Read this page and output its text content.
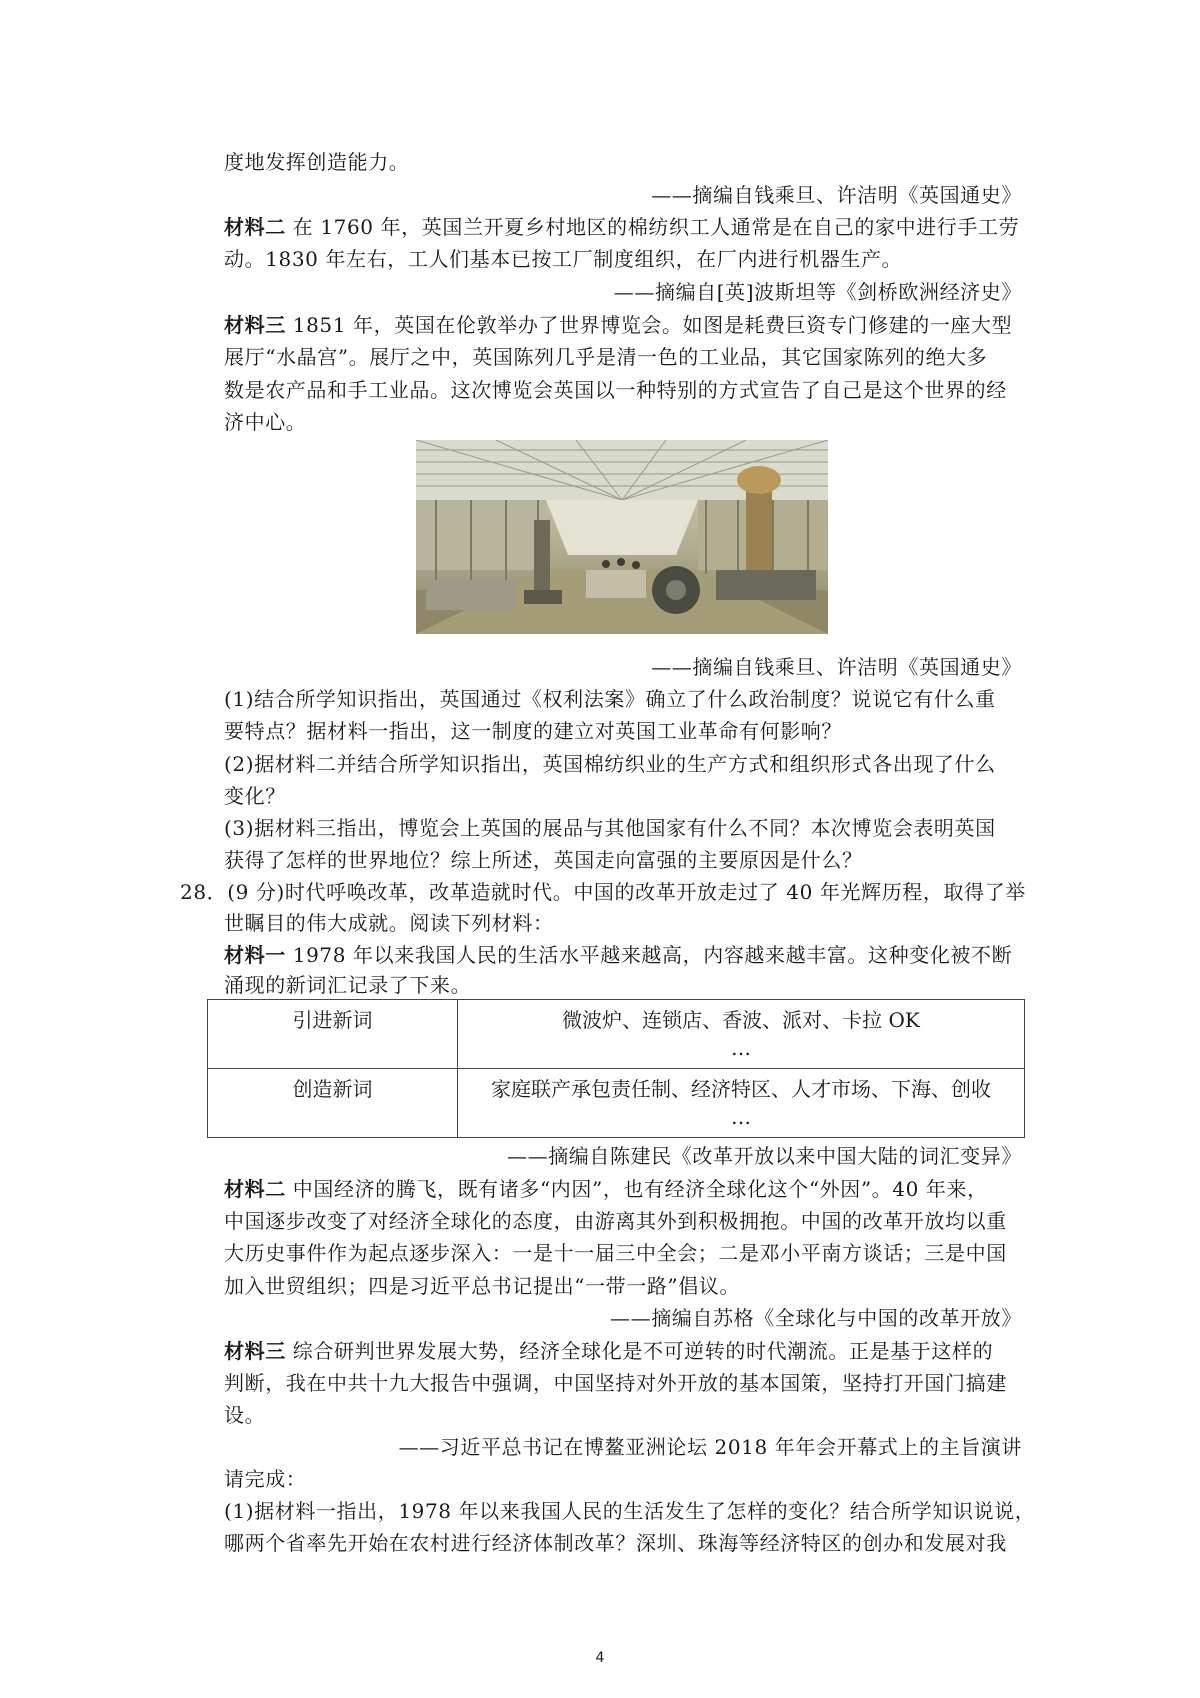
度地发挥创造能力。
——摘编自钱乘旦、许洁明《英国通史》
材料二 在 1760 年，英国兰开夏乡村地区的棉纺织工人通常是在自己的家中进行手工劳
动。1830 年左右，工人们基本已按工厂制度组织，在厂内进行机器生产。
——摘编自[英]波斯坦等《剑桥欧洲经济史》
材料三 1851 年，英国在伦敦举办了世界博览会。如图是耗费巨资专门修建的一座大型
展厅“水晶宫”。展厅之中，英国陈列几乎是清一色的工业品，其它国家陈列的绝大多
数是农产品和手工业品。这次博览会英国以一种特别的方式宣告了自己是这个世界的经
济中心。
——摘编自钱乘旦、许洁明《英国通史》
(1)结合所学知识指出，英国通过《权利法案》确立了什么政治制度？说说它有什么重
要特点？据材料一指出，这一制度的建立对英国工业革命有何影响？
(2)据材料二并结合所学知识指出，英国棉纺织业的生产方式和组织形式各出现了什么
变化？
(3)据材料三指出，博览会上英国的展品与其他国家有什么不同？本次博览会表明英国
获得了怎样的世界地位？综上所述，英国走向富强的主要原因是什么？
28．(9 分)时代呼唤改革，改革造就时代。中国的改革开放走过了 40 年光辉历程，取得了举
世瞩目的伟大成就。阅读下列材料：
材料一 1978 年以来我国人民的生活水平越来越高，内容越来越丰富。这种变化被不断
涌现的新词汇记录了下来。
引进新词	微波炉、连锁店、香波、派对、卡拉 OK
…

创造新词	家庭联产承包责任制、经济特区、人才市场、下海、创收
…
——摘编自陈建民《改革开放以来中国大陆的词汇变异》
材料二 中国经济的腾飞，既有诸多“内因”，也有经济全球化这个“外因”。40 年来，
中国逐步改变了对经济全球化的态度，由游离其外到积极拥抱。中国的改革开放均以重
大历史事件作为起点逐步深入：一是十一届三中全会；二是邓小平南方谈话；三是中国
加入世贸组织；四是习近平总书记提出“一带一路”倡议。
——摘编自苏格《全球化与中国的改革开放》
材料三 综合研判世界发展大势，经济全球化是不可逆转的时代潮流。正是基于这样的
判断，我在中共十九大报告中强调，中国坚持对外开放的基本国策，坚持打开国门搞建
设。
——习近平总书记在博鳌亚洲论坛 2018 年年会开幕式上的主旨演讲
请完成：
(1)据材料一指出，1978 年以来我国人民的生活发生了怎样的变化？结合所学知识说说，
哪两个省率先开始在农村进行经济体制改革？深圳、珠海等经济特区的创办和发展对我
4
